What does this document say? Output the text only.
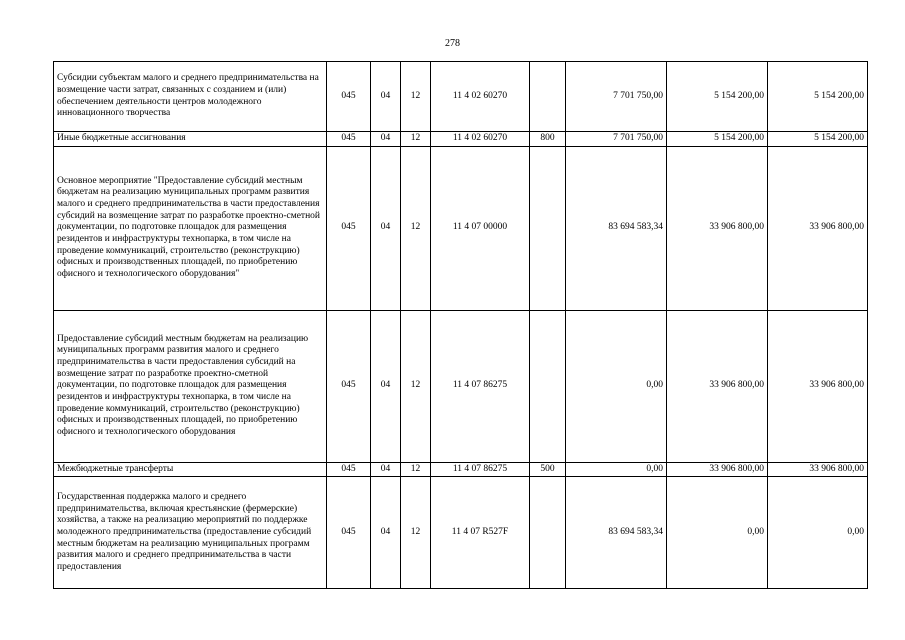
278
Субсидии субъектам малого и среднего предпринимательства на возмещение части затрат, связанных с созданием и (или) обеспечением деятельности центров молодежного инновационного творчества	045	04	12	11 4 02 60270		7 701 750,00	5 154 200,00	5 154 200,00
Иные бюджетные ассигнования	045	04	12	11 4 02 60270	800	7 701 750,00	5 154 200,00	5 154 200,00
Основное мероприятие "Предоставление субсидий местным бюджетам на реализацию муниципальных программ развития малого и среднего предпринимательства в части предоставления субсидий на возмещение затрат по разработке проектно-сметной документации, по подготовке площадок для размещения резидентов и инфраструктуры технопарка, в том числе на проведение коммуникаций, строительство (реконструкцию) офисных и производственных площадей, по приобретению офисного и технологического оборудования"	045	04	12	11 4 07 00000		83 694 583,34	33 906 800,00	33 906 800,00
Предоставление субсидий местным бюджетам на реализацию муниципальных программ развития малого и среднего предпринимательства в части предоставления субсидий на возмещение затрат по разработке проектно-сметной документации, по подготовке площадок для размещения резидентов и инфраструктуры технопарка, в том числе на проведение коммуникаций, строительство (реконструкцию) офисных и производственных площадей, по приобретению офисного и технологического оборудования	045	04	12	11 4 07 86275		0,00	33 906 800,00	33 906 800,00
Межбюджетные трансферты	045	04	12	11 4 07 86275	500	0,00	33 906 800,00	33 906 800,00
Государственная поддержка малого и среднего предпринимательства, включая крестьянские (фермерские) хозяйства, а также на реализацию мероприятий по поддержке молодежного предпринимательства (предоставление субсидий местным бюджетам на реализацию муниципальных программ развития малого и среднего предпринимательства в части предоставления	045	04	12	11 4 07 R527F		83 694 583,34	0,00	0,00
